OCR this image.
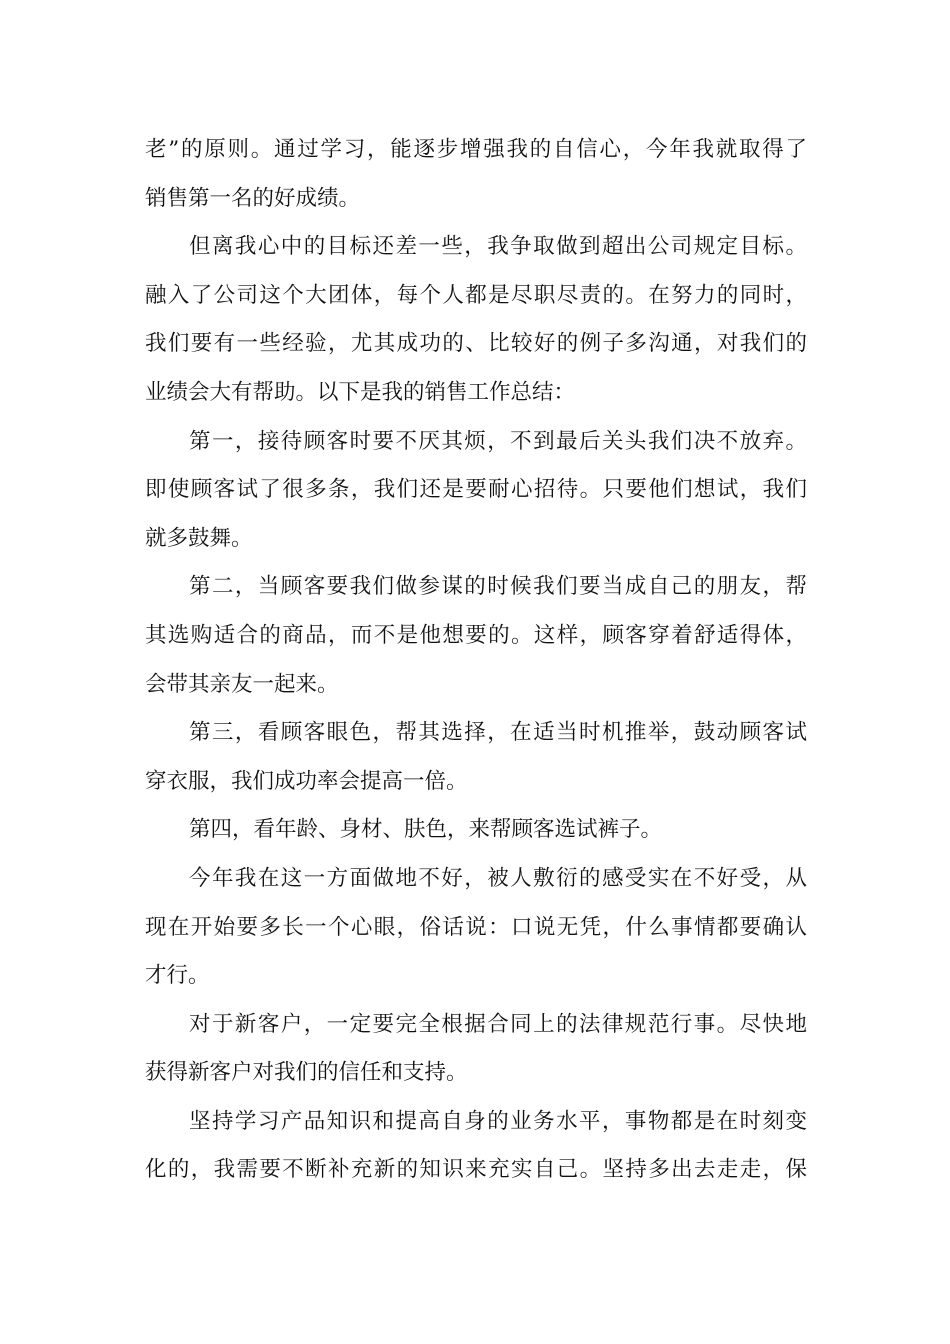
老”的原则。通过学习，能逐步增强我的自信心，今年我就取得了
销售第一名的好成绩。
但离我心中的目标还差一些，我争取做到超出公司规定目标。
融入了公司这个大团体，每个人都是尽职尽责的。在努力的同时，
我们要有一些经验，尤其成功的、比较好的例子多沟通，对我们的
业绩会大有帮助。以下是我的销售工作总结：
第一，接待顾客时要不厌其烦，不到最后关头我们决不放弃。
即使顾客试了很多条，我们还是要耐心招待。只要他们想试，我们
就多鼓舞。
第二，当顾客要我们做参谋的时候我们要当成自己的朋友，帮
其选购适合的商品，而不是他想要的。这样，顾客穿着舒适得体，
会带其亲友一起来。
第三，看顾客眼色，帮其选择，在适当时机推举，鼓动顾客试
穿衣服，我们成功率会提高一倍。
第四，看年龄、身材、肤色，来帮顾客选试裤子。
今年我在这一方面做地不好，被人敷衍的感受实在不好受，从
现在开始要多长一个心眼，俗话说：口说无凭，什么事情都要确认
才行。
对于新客户，一定要完全根据合同上的法律规范行事。尽快地
获得新客户对我们的信任和支持。
坚持学习产品知识和提高自身的业务水平，事物都是在时刻变
化的，我需要不断补充新的知识来充实自己。坚持多出去走走，保
